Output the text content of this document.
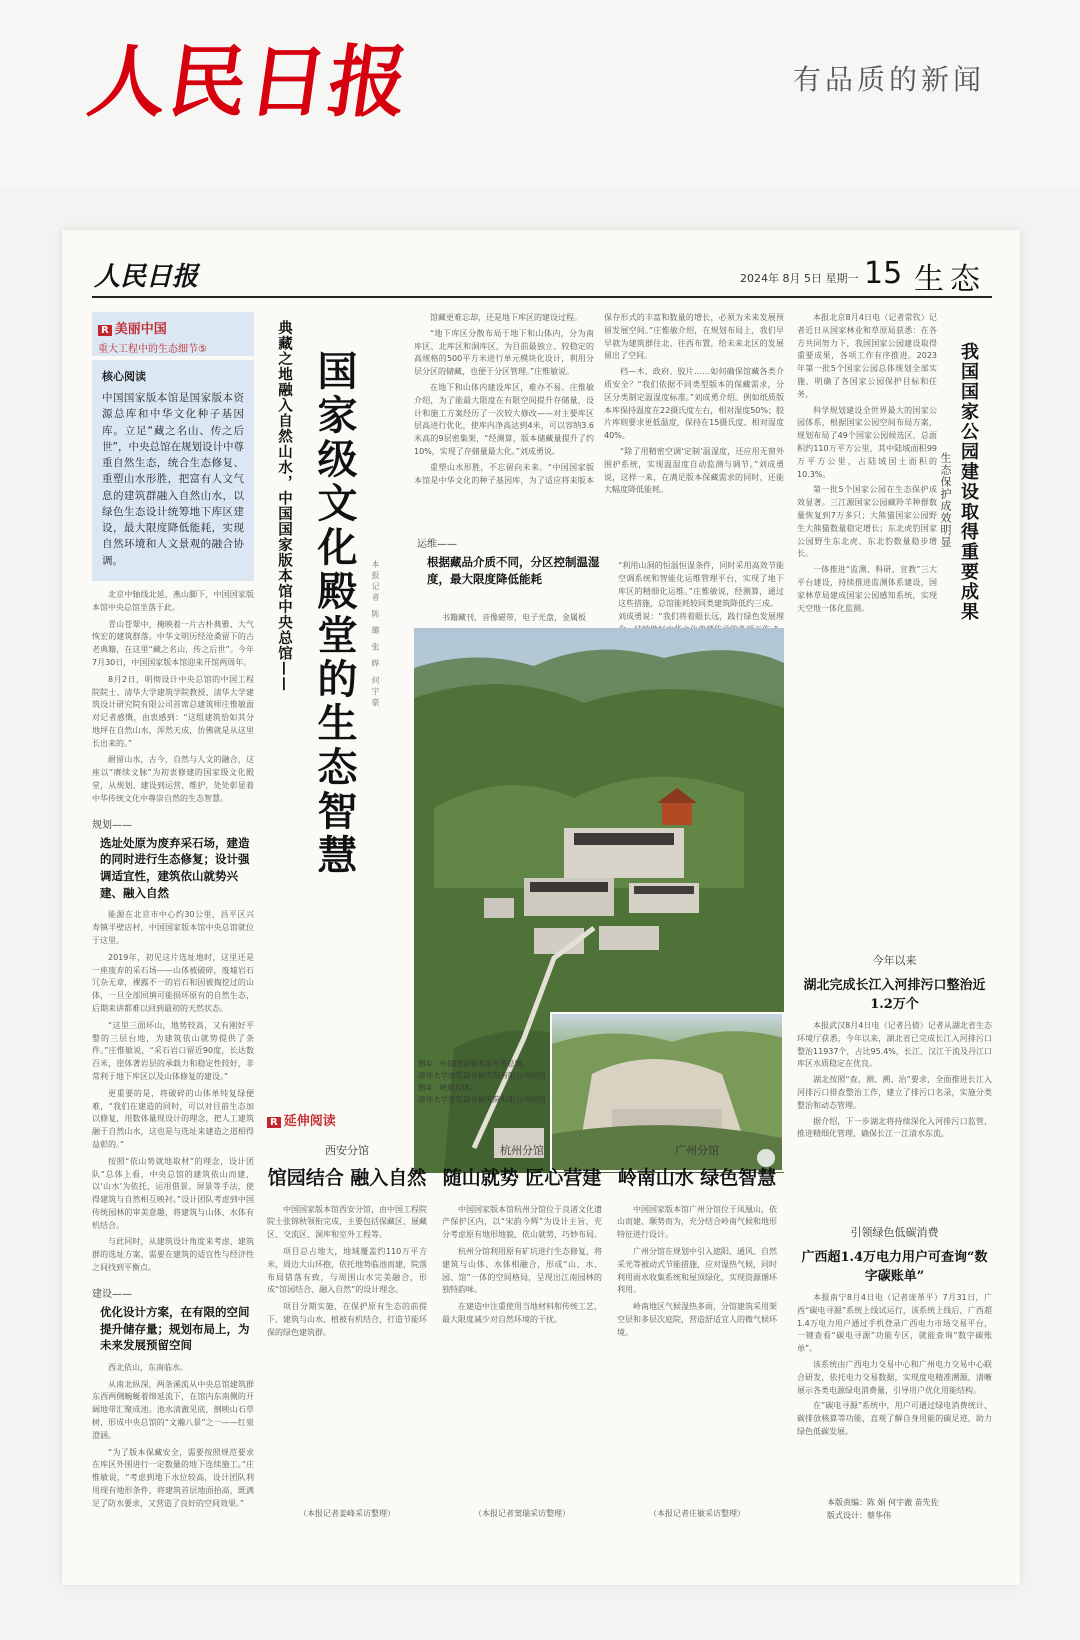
人民日报	有品质的新闻
人民日报	2024年 8月 5日 星期一 15 生态
R 美丽中国
重大工程中的生态细节⑤
核心阅读
中国国家版本馆是国家版本资源总库和中华文化种子基因库。立足“藏之名山、传之后世”，中央总馆在规划设计中尊重自然生态，统合生态修复、重塑山水形胜，把富有人文气息的建筑群融入自然山水，以绿色生态设计统筹地下库区建设，最大限度降低能耗，实现自然环境和人文景观的融合协调。

北京中轴线北延，燕山脚下，中国国家版本馆中央总馆坐落于此。

青山苍翠中，掩映着一片古朴典雅、大气恢宏的建筑群落。中华文明历经沧桑留下的古老典籍，在这里“藏之名山，传之后世”。今年7月30日，中国国家版本馆迎来开馆两周年。

8月2日，明彻设计中央总馆的中国工程院院士、清华大学建筑学院教授、清华大学建筑设计研究院有限公司首席总建筑师庄惟敏面对记者感慨，由衷感到：“这组建筑恰如其分地坪在自然山水，浑然天成，仿佛就是从这里长出来的。”

耐留山水，古今，自然与人文的融合，这座以“赓续文脉”为初衷修建的国家级文化殿堂，从规划、建设到运营、维护，处处彰显着中华传统文化中尊崇自然的生态智慧。

规划——
选址处原为废弃采石场，建造的同时进行生态修复；设计强调适宜性，建筑依山就势兴建、融入自然

能源在北京市中心约30公里，昌平区兴寿镇半壁店村，中国国家版本馆中央总馆就位于这里。

2019年，初见这片选址地时，这里还是一座废弃的采石场——山体被破碎，废墟岩石冗杂无章，裸露不一的岩石和因被掏挖过的山体，一旦全部回填可能损坏原有的自然生态，后期来讲都难以回到最初的天然状态。

“这里三面环山，地势较高，又有刚好平整的三层台地，为建筑依山就势提供了条件。”庄惟敏说，“采石岩口留近90度，长达数百米，崖体著岩层的承载力和稳定性较好，非常利于地下库区以及山体修复的建设。”

更重要的是，将破碎的山体单纯复绿便难，“我们在建造的同时，可以对目前生态加以修复，用数体量现设计的理念，把人工建筑融于自然山水，这也是与选址来建造之道相得益彰的。”

按照“依山势就地取材”的理念，设计团队“总体上看，中央总馆的建筑依山而建，以‘山水’为依托，运用借景、屏景等手法，使得建筑与自然相互映衬。”设计团队考虑到中国传统园林的审美意趣，将建筑与山体、水体有机结合。

与此同时，从建筑设计角度来考虑，建筑群的选址方案，需要在建筑的适宜性与经济性之间找到平衡点。

建设——
优化设计方案，在有限的空间提升储存量；规划布局上，为未来发展预留空间

西北依山，东南临水。

从南北纵深，两条溪流从中央总馆建筑群东西两侧蜿蜒着绵延流下，在馆内东南侧的开阔地带汇聚成池。池水清澈见底，倒映山石草树，形成中央总馆的“文瀚八景”之一——红泉澄涵。

“为了版本保藏安全，需要按照规范要求在库区外围进行一定数量的地下连续施工。”庄惟敏说，“考虑到地下水位较高，设计团队利用现有地形条件，将建筑首层地面抬高，既满足了防水要求，又营造了良好的空间效果。”

典藏之地融入自然山水，中国国家版本馆中央总馆—— 国家级文化殿堂的生态智慧	本报记者 陈 璐 张 晔 何宇豪

馆藏更难忘却，还是地下库区的建设过程。

“地下库区分散布局于地下和山体内，分为南库区、北库区和洞库区，为目前最独立、较稳定的高规格的500平方米进行单元模块化设计，利用分层分区的储藏，也便于分区管理。”庄惟敏说。

在地下和山体内建设库区，难办不易。庄惟敏介绍，为了能最大限度在有限空间提升存储量，设计和施工方案经历了一次较大修改——对主要库区层高进行优化，使库内净高达到4米，可以容纳3.6米高的9层密集架，“经测算，版本储藏量提升了约10%，实现了存储量最大化。”刘成勇说。

重塑山水形胜，不忘留向未来。“中国国家版本馆是中华文化的种子基因库，为了适应将来版本保存形式的丰富和数量的增长，必须为未来发展预留发展空间。”庄惟敏介绍，在规划布局上，我们早早就为建筑群往北、往西布置，给未来北区的发展留出了空间。

档—木、政府、胶片……如何确保馆藏各类介质安全？“我们依据不同类型版本的保藏需求，分区分类制定温湿度标准。”刘成勇介绍。例如纸质版本库保持温度在22摄氏度左右，相对湿度50%；胶片库则要求更低温度，保持在15摄氏度、相对湿度40%。

“除了用精密空调‘定制’温湿度，还应用无窗外围护系统，实现温湿度自动监测与调节。”刘成勇说，这样一来，在满足版本保藏需求的同时，还能大幅度降低能耗。

运维——
根据藏品介质不同，分区控制温湿度，最大限度降低能耗

“利用山洞的恒温恒湿条件，同时采用高效节能空调系统和智能化运维管理平台，实现了地下库区的精细化运维。”庄惟敏说，经测算，通过这些措施，总馆能耗较同类建筑降低约三成。

刘成勇说：“我们将着眼长远，践行绿色发展理

书籍藏刊，音像磁带，电子光盘，金属板
图①：中国国家版本馆中央总馆。
清华大学建筑设计研究院有限公司供图
图②：峡地岩体。
清华大学建筑设计研究院有限公司供图
R 延伸阅读
西安分馆
馆园结合 融入自然

中国国家版本馆西安分馆，由中国工程院院士张锦秋领衔完成，主要包括保藏区、展藏区、交流区、洞库和室外工程等。

项目总占地大，地域覆盖约110万平方米，周边大山环抱，依托地势临池而建，院落布局错落有致，与周围山水完美融合，形成“馆园结合、融入自然”的设计理念。

项目分期实施，在保护原有生态的前提下，建筑与山水、植被有机结合，打造节能环保的绿色建筑群。

（本报记者姜峰采访整理）
杭州分馆
随山就势 匠心营建

中国国家版本馆杭州分馆位于良渚文化遗产保护区内，以“宋韵今辉”为设计主旨，充分考虑原有地形地貌，依山就势，巧妙布局。

杭州分馆利用原有矿坑进行生态修复，将建筑与山体、水体相融合，形成“山、水、园、馆”一体的空间格局，呈现出江南园林的独特韵味。

在建造中注重使用当地材料和传统工艺，最大限度减少对自然环境的干扰。

（本报记者窦瑞采访整理）
广州分馆
岭南山水 绿色智慧

中国国家版本馆广州分馆位于凤凰山，依山而建、顺势而为，充分结合岭南气候和地形特征进行设计。

广州分馆在规划中引入遮阳、通风、自然采光等被动式节能措施，应对湿热气候，同时利用雨水收集系统和屋顶绿化，实现资源循环利用。

岭南地区气候湿热多雨，分馆建筑采用架空层和多层次庭院，营造舒适宜人的微气候环境。

（本报记者庄敏采访整理）

本报北京8月4日电（记者常钦）记者近日从国家林业和草原局获悉：在各方共同努力下，我国国家公园建设取得重要成果，各项工作有序推进。2023年第一批5个国家公园总体规划全部实施，明确了各国家公园保护目标和任务。

科学规划建设全世界最大的国家公园体系，根据国家公园空间布局方案，规划布局了49个国家公园候选区，总面积约110万平方公里，其中陆域面积99万平方公里，占陆域国土面积的10.3%。

第一批5个国家公园在生态保护成效显著。三江源国家公园藏羚羊种群数量恢复到7万多只；大熊猫国家公园野生大熊猫数量稳定增长；东北虎豹国家公园野生东北虎、东北豹数量稳步增长。

一体推进“监测、科研、宣教”三大平台建设，持续推进监测体系建设，国家林草局建成国家公园感知系统，实现天空地一体化监测。	我国国家公园建设取得重要成果
生态保护成效明显
今年以来
湖北完成长江入河排污口整治近1.2万个

本报武汉8月4日电（记者吕倩）记者从湖北省生态环境厅获悉，今年以来，湖北省已完成长江入河排污口整治11937个，占比95.4%，长江、汉江干流及丹江口库区水质稳定在优良。

湖北按照“查、测、溯、治”要求，全面推进长江入河排污口排查整治工作，建立了排污口名录，实施分类整治和动态管理。

据介绍，下一步湖北将持续深化入河排污口监管，推进精细化管理，确保长江一江清水东流。

引领绿色低碳消费
广西超1.4万电力用户可查询“数字碳账单”

本报南宁8月4日电（记者庞革平）7月31日，广西“碳电寻源”系统上线试运行，该系统上线后，广西超1.4万电力用户通过手机登录广西电力市场交易平台，一键查看“碳电寻源”功能专区，就能查询“数字碳账单”。

该系统由广西电力交易中心和广州电力交易中心联合研发，依托电力交易数据，实现度电精准溯源，清晰展示各类电源绿电消费量，引导用户优化用能结构。

在“碳电寻源”系统中，用户可通过绿电消费统计、碳排放核算等功能，直观了解自身用能的碳足迹，助力绿色低碳发展。

本版责编：陈 娟 何宇澈 苗先佐
版式设计：蔡华伟
